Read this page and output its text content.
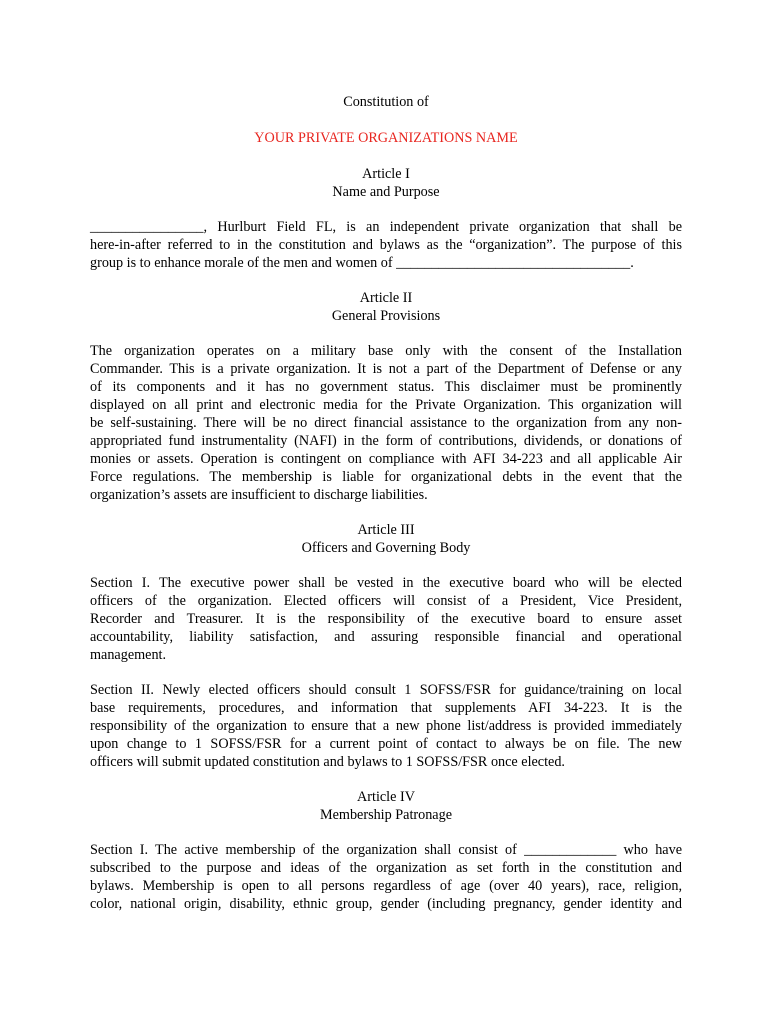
Constitution of

YOUR PRIVATE ORGANIZATIONS NAME

Article I

Name and Purpose

________________, Hurlburt Field FL, is an independent private organization that shall be
here-in-after referred to in the constitution and bylaws as the “organization”. The purpose of this
group is to enhance morale of the men and women of _________________________________.

Article II

General Provisions

The organization operates on a military base only with the consent of the Installation
Commander. This is a private organization. It is not a part of the Department of Defense or any
of its components and it has no government status. This disclaimer must be prominently
displayed on all print and electronic media for the Private Organization. This organization will
be self-sustaining. There will be no direct financial assistance to the organization from any non-
appropriated fund instrumentality (NAFI) in the form of contributions, dividends, or donations of
monies or assets. Operation is contingent on compliance with AFI 34-223 and all applicable Air
Force regulations. The membership is liable for organizational debts in the event that the
organization’s assets are insufficient to discharge liabilities.

Article III

Officers and Governing Body

Section I. The executive power shall be vested in the executive board who will be elected
officers of the organization. Elected officers will consist of a President, Vice President,
Recorder and Treasurer. It is the responsibility of the executive board to ensure asset
accountability, liability satisfaction, and assuring responsible financial and operational
management.
Section II. Newly elected officers should consult 1 SOFSS/FSR for guidance/training on local
base requirements, procedures, and information that supplements AFI 34-223. It is the
responsibility of the organization to ensure that a new phone list/address is provided immediately
upon change to 1 SOFSS/FSR for a current point of contact to always be on file. The new
officers will submit updated constitution and bylaws to 1 SOFSS/FSR once elected.

Article IV

Membership Patronage

Section I. The active membership of the organization shall consist of _____________ who have
subscribed to the purpose and ideas of the organization as set forth in the constitution and
bylaws. Membership is open to all persons regardless of age (over 40 years), race, religion,
color, national origin, disability, ethnic group, gender (including pregnancy, gender identity and
